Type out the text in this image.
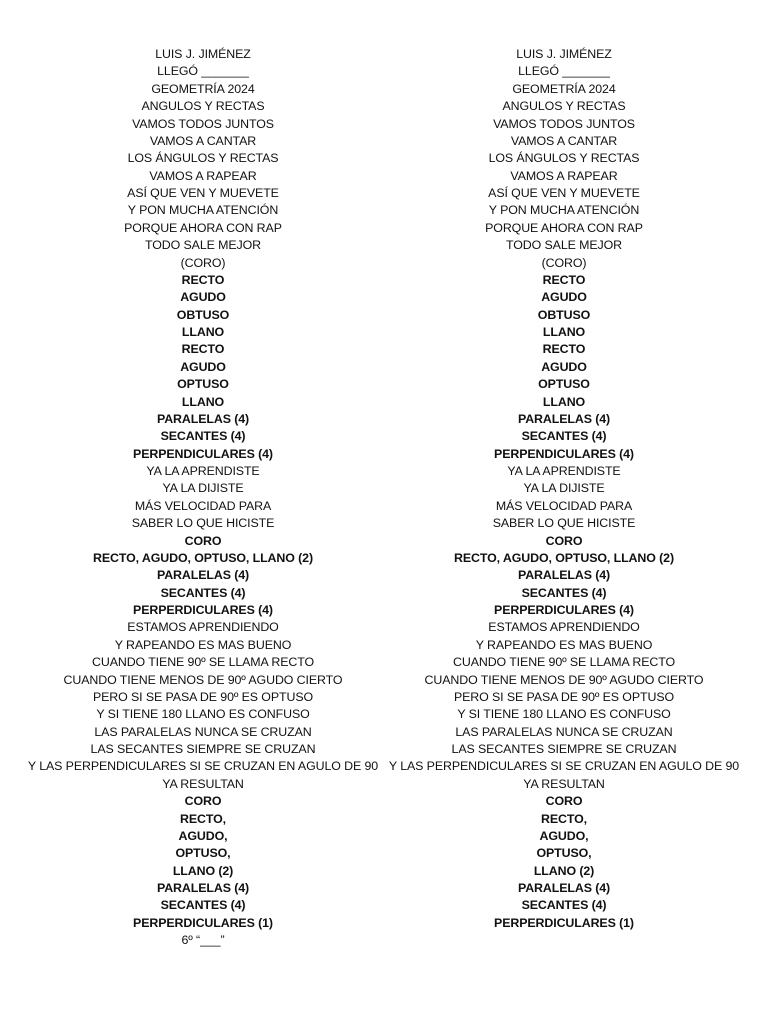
LUIS J. JIMÉNEZ
LLEGÓ _______
GEOMETRÍA 2024
ANGULOS Y RECTAS
VAMOS TODOS JUNTOS
VAMOS A CANTAR
LOS ÁNGULOS Y RECTAS
VAMOS A RAPEAR
ASÍ QUE VEN Y MUEVETE
Y PON MUCHA ATENCIÓN
PORQUE AHORA CON RAP
TODO SALE MEJOR
(CORO)
RECTO
AGUDO
OBTUSO
LLANO
RECTO
AGUDO
OPTUSO
LLANO
PARALELAS (4)
SECANTES (4)
PERPENDICULARES (4)
YA LA APRENDISTE
YA LA DIJISTE
MÁS VELOCIDAD PARA
SABER LO QUE HICISTE
CORO
RECTO, AGUDO, OPTUSO, LLANO (2)
PARALELAS (4)
SECANTES (4)
PERPERDICULARES (4)
ESTAMOS APRENDIENDO
Y RAPEANDO ES MAS BUENO
CUANDO TIENE 90º SE LLAMA RECTO
CUANDO TIENE MENOS DE 90º AGUDO CIERTO
PERO SI SE PASA DE 90º ES OPTUSO
Y SI TIENE 180 LLANO ES CONFUSO
LAS PARALELAS NUNCA SE CRUZAN
LAS SECANTES SIEMPRE SE CRUZAN
Y LAS PERPENDICULARES SI SE CRUZAN EN AGULO DE 90
YA RESULTAN
CORO
RECTO,
AGUDO,
OPTUSO,
LLANO (2)
PARALELAS (4)
SECANTES (4)
PERPERDICULARES (1)
6º “___”
LUIS J. JIMÉNEZ
LLEGÓ _______
GEOMETRÍA 2024
ANGULOS Y RECTAS
VAMOS TODOS JUNTOS
VAMOS A CANTAR
LOS ÁNGULOS Y RECTAS
VAMOS A RAPEAR
ASÍ QUE VEN Y MUEVETE
Y PON MUCHA ATENCIÓN
PORQUE AHORA CON RAP
TODO SALE MEJOR
(CORO)
RECTO
AGUDO
OBTUSO
LLANO
RECTO
AGUDO
OPTUSO
LLANO
PARALELAS (4)
SECANTES (4)
PERPENDICULARES (4)
YA LA APRENDISTE
YA LA DIJISTE
MÁS VELOCIDAD PARA
SABER LO QUE HICISTE
CORO
RECTO, AGUDO, OPTUSO, LLANO (2)
PARALELAS (4)
SECANTES (4)
PERPERDICULARES (4)
ESTAMOS APRENDIENDO
Y RAPEANDO ES MAS BUENO
CUANDO TIENE 90º SE LLAMA RECTO
CUANDO TIENE MENOS DE 90º AGUDO CIERTO
PERO SI SE PASA DE 90º ES OPTUSO
Y SI TIENE 180 LLANO ES CONFUSO
LAS PARALELAS NUNCA SE CRUZAN
LAS SECANTES SIEMPRE SE CRUZAN
Y LAS PERPENDICULARES SI SE CRUZAN EN AGULO DE 90
YA RESULTAN
CORO
RECTO,
AGUDO,
OPTUSO,
LLANO (2)
PARALELAS (4)
SECANTES (4)
PERPERDICULARES (1)
